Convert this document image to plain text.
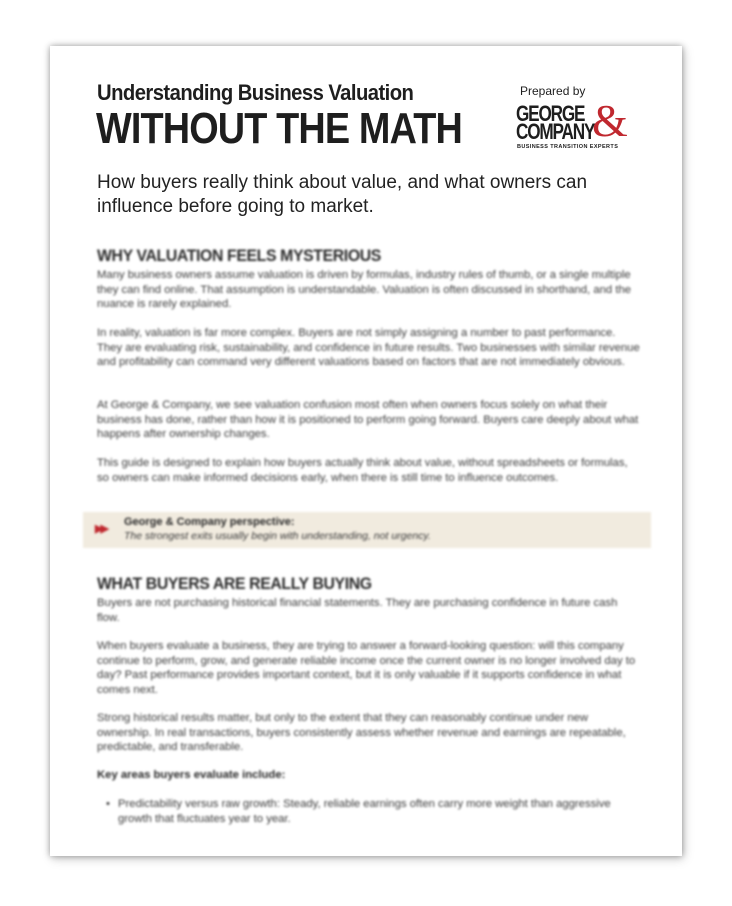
Understanding Business Valuation
WITHOUT THE MATH
Prepared by
GEORGE
COMPANY
&
BUSINESS TRANSITION EXPERTS
How buyers really think about value, and what owners can influence before going to market.
WHY VALUATION FEELS MYSTERIOUS
Many business owners assume valuation is driven by formulas, industry rules of thumb, or a single multiple they can find online. That assumption is understandable. Valuation is often discussed in shorthand, and the nuance is rarely explained.
In reality, valuation is far more complex. Buyers are not simply assigning a number to past performance. They are evaluating risk, sustainability, and confidence in future results. Two businesses with similar revenue and profitability can command very different valuations based on factors that are not immediately obvious.
At George & Company, we see valuation confusion most often when owners focus solely on what their business has done, rather than how it is positioned to perform going forward. Buyers care deeply about what happens after ownership changes.
This guide is designed to explain how buyers actually think about value, without spreadsheets or formulas, so owners can make informed decisions early, when there is still time to influence outcomes.
▶▶
George & Company perspective:
The strongest exits usually begin with understanding, not urgency.
WHAT BUYERS ARE REALLY BUYING
Buyers are not purchasing historical financial statements. They are purchasing confidence in future cash flow.
When buyers evaluate a business, they are trying to answer a forward-looking question: will this company continue to perform, grow, and generate reliable income once the current owner is no longer involved day to day? Past performance provides important context, but it is only valuable if it supports confidence in what comes next.
Strong historical results matter, but only to the extent that they can reasonably continue under new ownership. In real transactions, buyers consistently assess whether revenue and earnings are repeatable, predictable, and transferable.
Key areas buyers evaluate include:
• Predictability versus raw growth: Steady, reliable earnings often carry more weight than aggressive growth that fluctuates year to year.
